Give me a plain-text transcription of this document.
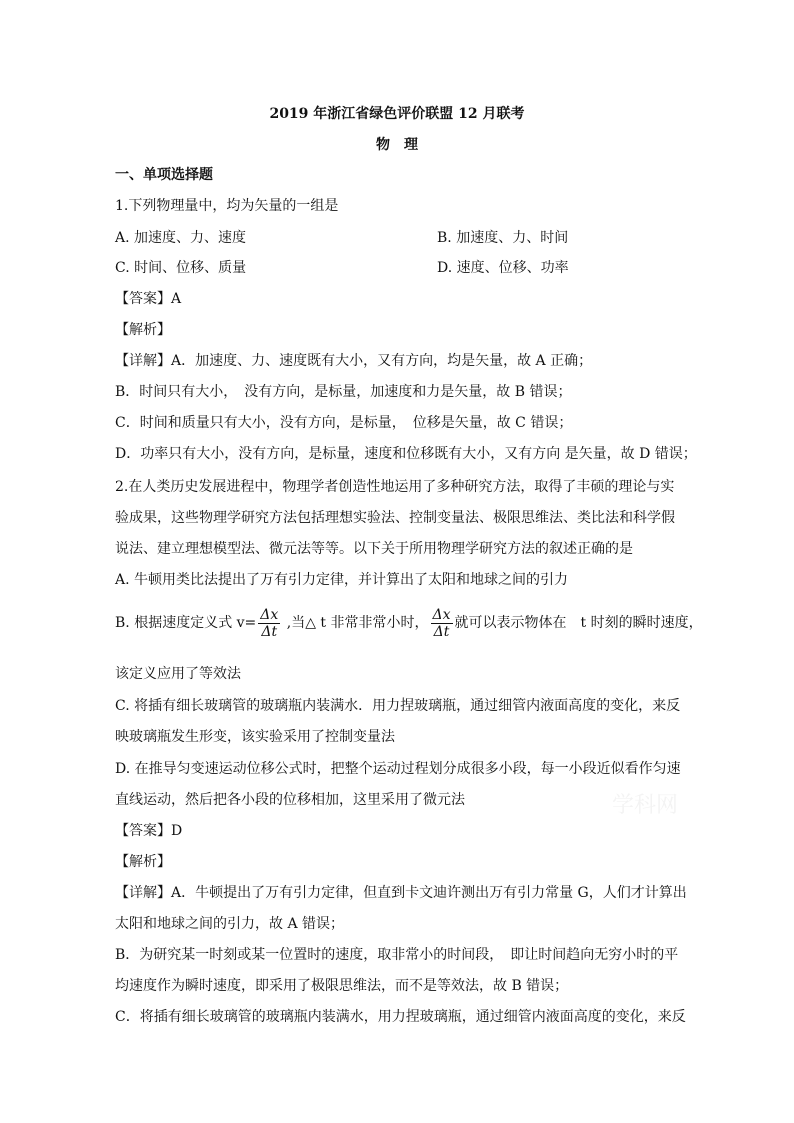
2019 年浙江省绿色评价联盟 12 月联考
物　理
一、单项选择题
1.下列物理量中，均为矢量的一组是
A. 加速度、力、速度	B. 加速度、力、时间
C. 时间、位移、质量	D. 速度、位移、功率
【答案】A
【解析】
【详解】A．加速度、力、速度既有大小，又有方向，均是矢量，故 A 正确；
B．时间只有大小，　没有方向，是标量，加速度和力是矢量，故 B 错误；
C．时间和质量只有大小，没有方向，是标量，　位移是矢量，故 C 错误；
D．功率只有大小，没有方向，是标量，速度和位移既有大小，又有方向 是矢量，故 D 错误；
2.在人类历史发展进程中，物理学者创造性地运用了多种研究方法，取得了丰硕的理论与实
验成果，这些物理学研究方法包括理想实验法、控制变量法、极限思维法、类比法和科学假
说法、建立理想模型法、微元法等等。以下关于所用物理学研究方法的叙述正确的是
A. 牛顿用类比法提出了万有引力定律，并计算出了太阳和地球之间的引力
B. 根据速度定义式 $v= \frac{\Delta x}{\Delta t}$ ,当△ t 非常非常小时， $\frac{\Delta x}{\Delta t}$ 就可以表示物体在　t 时刻的瞬时速度，
该定义应用了等效法
C. 将插有细长玻璃管的玻璃瓶内装满水．用力捏玻璃瓶，通过细管内液面高度的变化，来反
映玻璃瓶发生形变，该实验采用了控制变量法
D. 在推导匀变速运动位移公式时，把整个运动过程划分成很多小段，每一小段近似看作匀速
直线运动，然后把各小段的位移相加，这里采用了微元法
【答案】D
【解析】
【详解】A．牛顿提出了万有引力定律，但直到卡文迪许测出万有引力常量 G，人们才计算出
太阳和地球之间的引力，故 A 错误；
B．为研究某一时刻或某一位置时的速度，取非常小的时间段，　即让时间趋向无穷小时的平
均速度作为瞬时速度，即采用了极限思维法，而不是等效法，故 B 错误；
C．将插有细长玻璃管的玻璃瓶内装满水，用力捏玻璃瓶，通过细管内液面高度的变化，来反
学科网
